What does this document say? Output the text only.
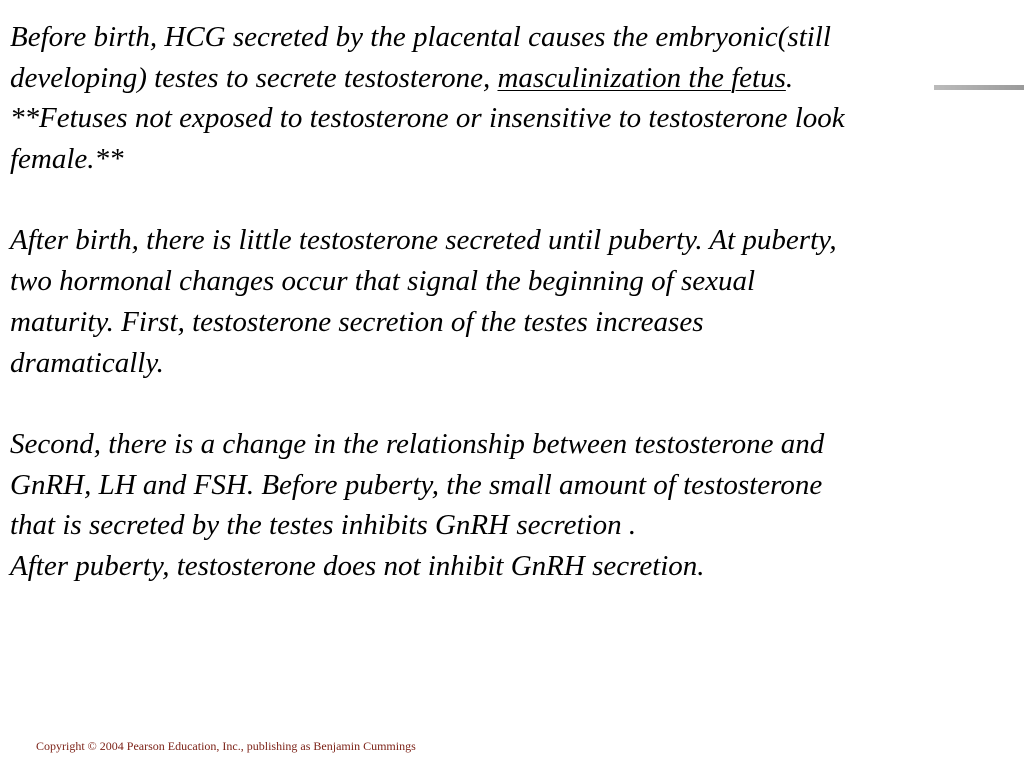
Before birth, HCG secreted by the placental causes the embryonic(still
developing) testes to secrete testosterone, masculinization the fetus.
**Fetuses not exposed to testosterone or insensitive to testosterone look
female.**
After birth, there is little testosterone secreted until puberty. At puberty,
two hormonal changes occur that signal the beginning of sexual
maturity. First, testosterone secretion of the testes increases
dramatically.
Second, there is a change in the relationship between testosterone and
GnRH, LH and FSH. Before puberty, the small amount of testosterone
that is secreted by the testes inhibits GnRH secretion .
After puberty, testosterone does not inhibit GnRH secretion.
Copyright © 2004 Pearson Education, Inc., publishing as Benjamin Cummings
